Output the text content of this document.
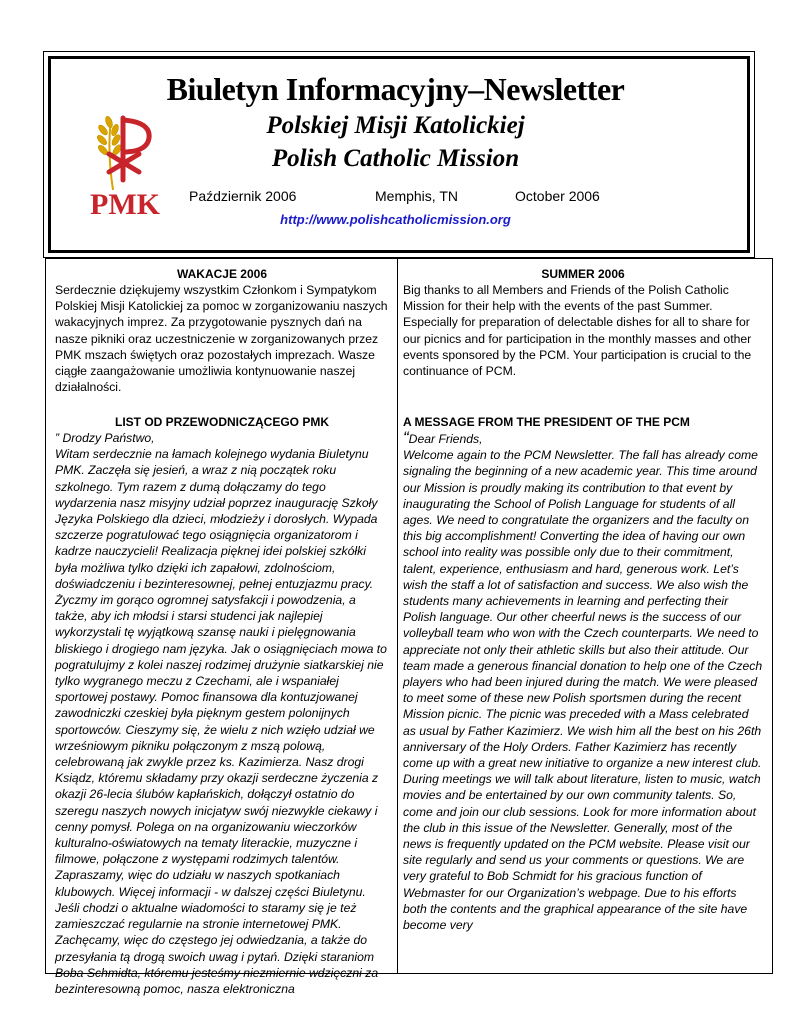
PMK
Biuletyn Informacyjny–Newsletter
Polskiej Misji Katolickiej
Polish Catholic Mission
Październik 2006	Memphis, TN	October 2006
http://www.polishcatholicmission.org
WAKACJE 2006
Serdecznie dziękujemy wszystkim Członkom i Sympatykom Polskiej Misji Katolickiej za pomoc w zorganizowaniu naszych wakacyjnych imprez. Za przygotowanie pysznych dań na nasze pikniki oraz uczestniczenie w zorganizowanych przez PMK mszach świętych oraz pozostałych imprezach. Wasze ciągłe zaangażowanie umożliwia kontynuowanie naszej działalności.
LIST OD PRZEWODNICZĄCEGO PMK
” Drodzy Państwo,
Witam serdecznie na łamach kolejnego wydania Biuletynu PMK. Zaczęła się jesień, a wraz z nią początek roku szkolnego. Tym razem z dumą dołączamy do tego wydarzenia nasz misyjny udział poprzez inaugurację Szkoły Języka Polskiego dla dzieci, młodzieży i dorosłych. Wypada szczerze pogratulować tego osiągnięcia organizatorom i kadrze nauczycieli! Realizacja pięknej idei polskiej szkółki była możliwa tylko dzięki ich zapałowi, zdolnościom, doświadczeniu i bezinteresownej, pełnej entuzjazmu pracy. Życzmy im gorąco ogromnej satysfakcji i powodzenia, a także, aby ich młodsi i starsi studenci jak najlepiej wykorzystali tę wyjątkową szansę nauki i pielęgnowania bliskiego i drogiego nam języka. Jak o osiągnięciach mowa to pogratulujmy z kolei naszej rodzimej drużynie siatkarskiej nie tylko wygranego meczu z Czechami, ale i wspaniałej sportowej postawy. Pomoc finansowa dla kontuzjowanej zawodniczki czeskiej była pięknym gestem polonijnych sportowców. Cieszymy się, że wielu z nich wzięło udział we wrześniowym pikniku połączonym z mszą polową, celebrowaną jak zwykle przez ks. Kazimierza. Nasz drogi Ksiądz, któremu składamy przy okazji serdeczne życzenia z okazji 26-lecia ślubów kapłańskich, dołączył ostatnio do szeregu naszych nowych inicjatyw swój niezwykle ciekawy i cenny pomysł. Polega on na organizowaniu wieczorków kulturalno-oświatowych na tematy literackie, muzyczne i filmowe, połączone z występami rodzimych talentów. Zapraszamy, więc do udziału w naszych spotkaniach klubowych. Więcej informacji - w dalszej części Biuletynu. Jeśli chodzi o aktualne wiadomości to staramy się je też zamieszczać regularnie na stronie internetowej PMK. Zachęcamy, więc do częstego jej odwiedzania, a także do przesyłania tą drogą swoich uwag i pytań. Dzięki staraniom Boba Schmidta, któremu jesteśmy niezmiernie wdzięczni za bezinteresowną pomoc, nasza elektroniczna
SUMMER 2006
Big thanks to all Members and Friends of the Polish Catholic Mission for their help with the events of the past Summer. Especially for preparation of delectable dishes for all to share for our picnics and for participation in the monthly masses and other events sponsored by the PCM. Your participation is crucial to the continuance of PCM.
A MESSAGE FROM THE PRESIDENT OF THE PCM
“Dear Friends,
Welcome again to the PCM Newsletter. The fall has already come signaling the beginning of a new academic year. This time around our Mission is proudly making its contribution to that event by inaugurating the School of Polish Language for students of all ages. We need to congratulate the organizers and the faculty on this big accomplishment! Converting the idea of having our own school into reality was possible only due to their commitment, talent, experience, enthusiasm and hard, generous work. Let’s wish the staff a lot of satisfaction and success. We also wish the students many achievements in learning and perfecting their Polish language. Our other cheerful news is the success of our volleyball team who won with the Czech counterparts. We need to appreciate not only their athletic skills but also their attitude. Our team made a generous financial donation to help one of the Czech players who had been injured during the match. We were pleased to meet some of these new Polish sportsmen during the recent Mission picnic. The picnic was preceded with a Mass celebrated as usual by Father Kazimierz. We wish him all the best on his 26th anniversary of the Holy Orders. Father Kazimierz has recently come up with a great new initiative to organize a new interest club. During meetings we will talk about literature, listen to music, watch movies and be entertained by our own community talents. So, come and join our club sessions. Look for more information about the club in this issue of the Newsletter. Generally, most of the news is frequently updated on the PCM website. Please visit our site regularly and send us your comments or questions. We are very grateful to Bob Schmidt for his gracious function of Webmaster for our Organization’s webpage. Due to his efforts both the contents and the graphical appearance of the site have become very
